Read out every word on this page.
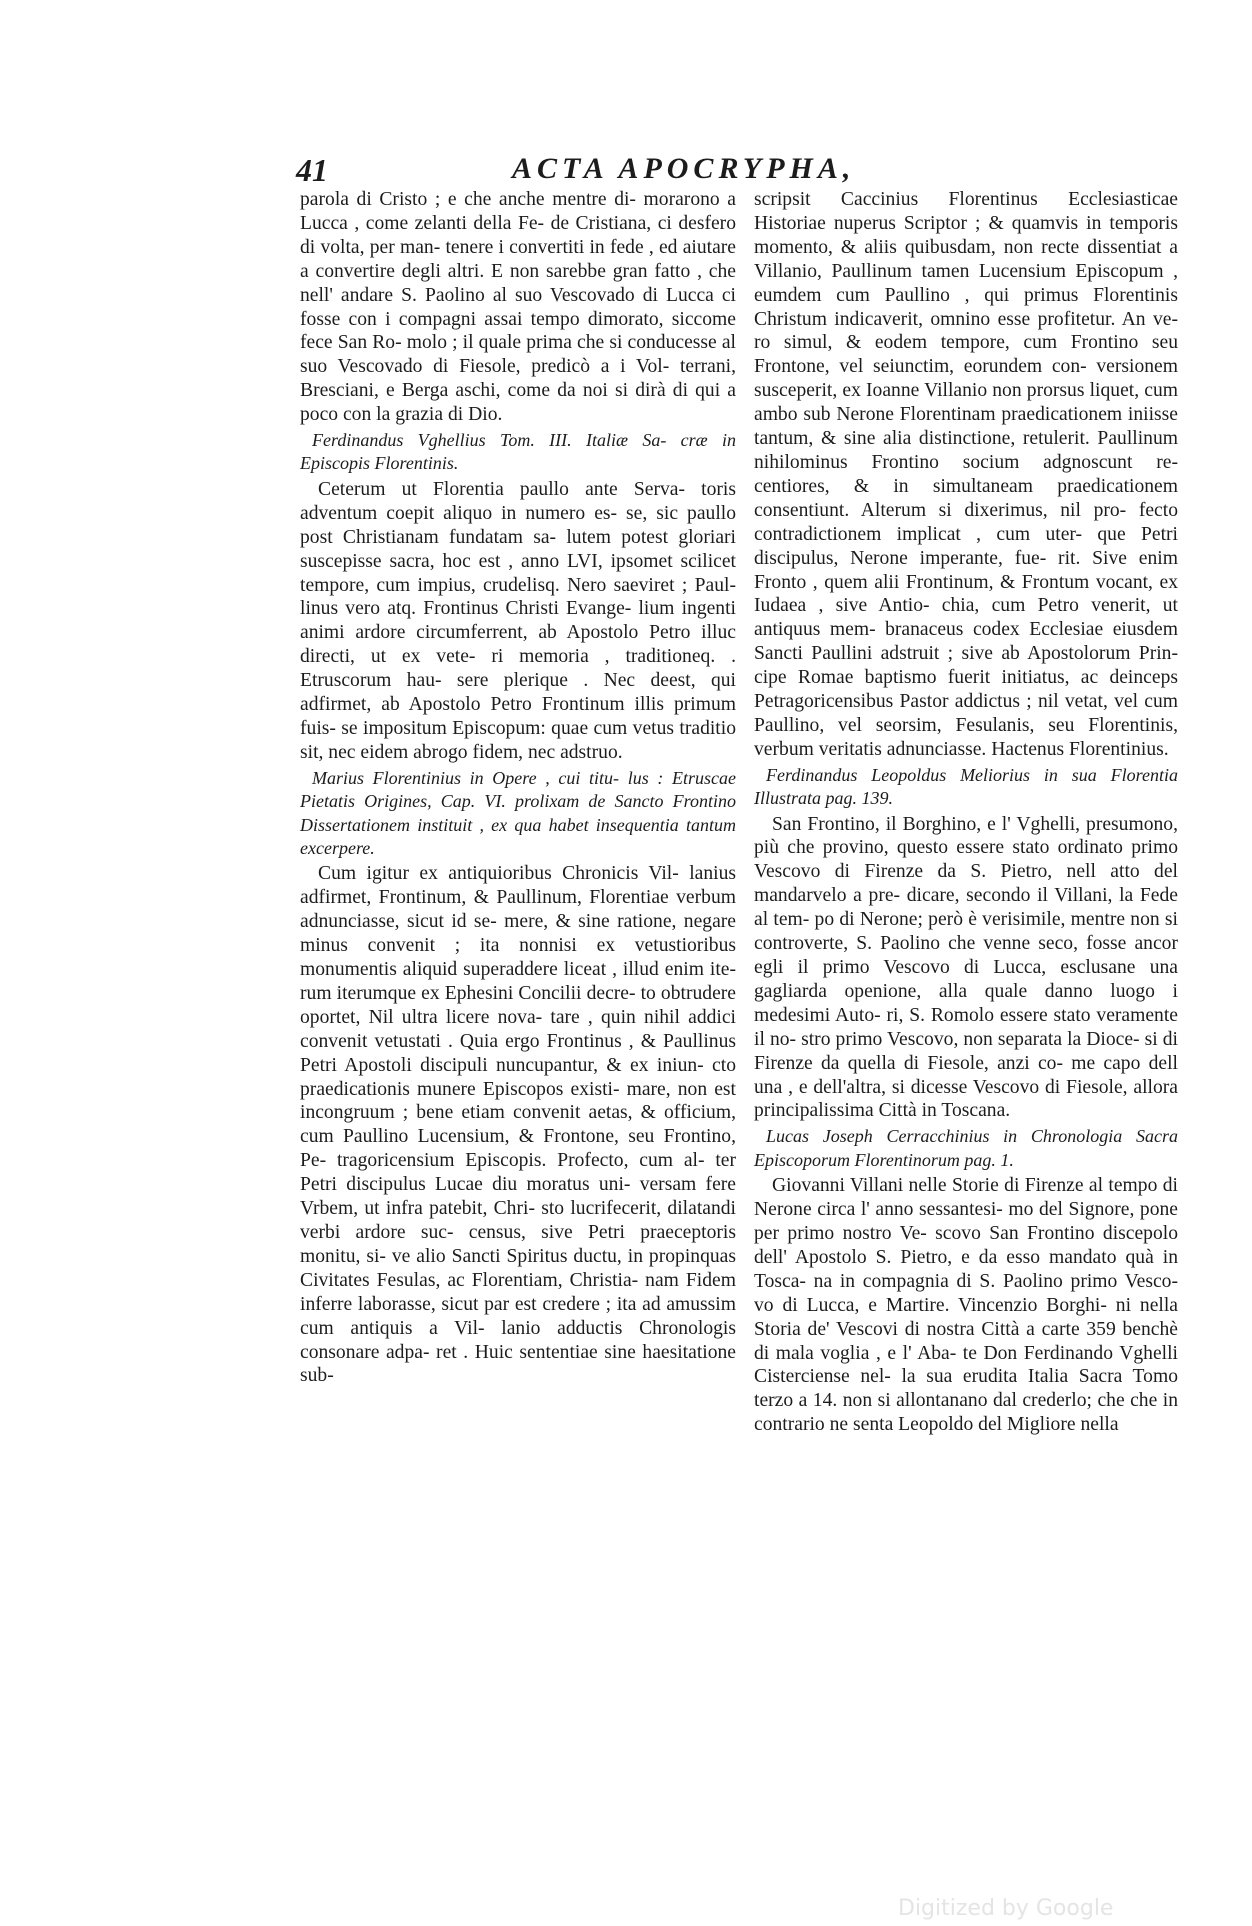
41	ACTA APOCRYPHA,

parola di Cristo ; e che anche mentre di- morarono a Lucca , come zelanti della Fe- de Cristiana, ci desfero di volta, per man- tenere i convertiti in fede , ed aiutare a convertire degli altri. E non sarebbe gran fatto , che nell' andare S. Paolino al suo Vescovado di Lucca ci fosse con i compagni assai tempo dimorato, siccome fece San Ro- molo ; il quale prima che si conducesse al suo Vescovado di Fiesole, predicò a i Vol- terrani, Bresciani, e Berga aschi, come da noi si dirà di qui a poco con la grazia di Dio.

Ferdinandus Vghellius Tom. III. Italiæ Sa- cræ in Episcopis Florentinis.

Ceterum ut Florentia paullo ante Serva- toris adventum coepit aliquo in numero es- se, sic paullo post Christianam fundatam sa- lutem potest gloriari suscepisse sacra, hoc est , anno LVI, ipsomet scilicet tempore, cum impius, crudelisq. Nero saeviret ; Paul- linus vero atq. Frontinus Christi Evange- lium ingenti animi ardore circumferrent, ab Apostolo Petro illuc directi, ut ex vete- ri memoria , traditioneq. . Etruscorum hau- sere plerique . Nec deest, qui adfirmet, ab Apostolo Petro Frontinum illis primum fuis- se impositum Episcopum: quae cum vetus traditio sit, nec eidem abrogo fidem, nec adstruo.

Marius Florentinius in Opere , cui titu- lus : Etruscae Pietatis Origines, Cap. VI. prolixam de Sancto Frontino Dissertationem instituit , ex qua habet insequentia tantum excerpere.

Cum igitur ex antiquioribus Chronicis Vil- lanius adfirmet, Frontinum, & Paullinum, Florentiae verbum adnunciasse, sicut id se- mere, & sine ratione, negare minus convenit ; ita nonnisi ex vetustioribus monumentis aliquid superaddere liceat , illud enim ite- rum iterumque ex Ephesini Concilii decre- to obtrudere oportet, Nil ultra licere nova- tare , quin nihil addici convenit vetustati . Quia ergo Frontinus , & Paullinus Petri Apostoli discipuli nuncupantur, & ex iniun- cto praedicationis munere Episcopos existi- mare, non est incongruum ; bene etiam convenit aetas, & officium, cum Paullino Lucensium, & Frontone, seu Frontino, Pe- tragoricensium Episcopis. Profecto, cum al- ter Petri discipulus Lucae diu moratus uni- versam fere Vrbem, ut infra patebit, Chri- sto lucrifecerit, dilatandi verbi ardore suc- census, sive Petri praeceptoris monitu, si- ve alio Sancti Spiritus ductu, in propinquas Civitates Fesulas, ac Florentiam, Christia- nam Fidem inferre laborasse, sicut par est credere ; ita ad amussim cum antiquis a Vil- lanio adductis Chronologis consonare adpa- ret . Huic sententiae sine haesitatione sub-

scripsit Caccinius Florentinus Ecclesiasticae Historiae nuperus Scriptor ; & quamvis in temporis momento, & aliis quibusdam, non recte dissentiat a Villanio, Paullinum tamen Lucensium Episcopum , eumdem cum Paullino , qui primus Florentinis Christum indicaverit, omnino esse profitetur. An ve- ro simul, & eodem tempore, cum Frontino seu Frontone, vel seiunctim, eorundem con- versionem susceperit, ex Ioanne Villanio non prorsus liquet, cum ambo sub Nerone Florentinam praedicationem iniisse tantum, & sine alia distinctione, retulerit. Paullinum nihilominus Frontino socium adgnoscunt re- centiores, & in simultaneam praedicationem consentiunt. Alterum si dixerimus, nil pro- fecto contradictionem implicat , cum uter- que Petri discipulus, Nerone imperante, fue- rit. Sive enim Fronto , quem alii Frontinum, & Frontum vocant, ex Iudaea , sive Antio- chia, cum Petro venerit, ut antiquus mem- branaceus codex Ecclesiae eiusdem Sancti Paullini adstruit ; sive ab Apostolorum Prin- cipe Romae baptismo fuerit initiatus, ac deinceps Petragoricensibus Pastor addictus ; nil vetat, vel cum Paullino, vel seorsim, Fesulanis, seu Florentinis, verbum veritatis adnunciasse. Hactenus Florentinius.

Ferdinandus Leopoldus Meliorius in sua Florentia Illustrata pag. 139.

San Frontino, il Borghino, e l' Vghelli, presumono, più che provino, questo essere stato ordinato primo Vescovo di Firenze da S. Pietro, nell atto del mandarvelo a pre- dicare, secondo il Villani, la Fede al tem- po di Nerone; però è verisimile, mentre non si controverte, S. Paolino che venne seco, fosse ancor egli il primo Vescovo di Lucca, esclusane una gagliarda openione, alla quale danno luogo i medesimi Auto- ri, S. Romolo essere stato veramente il no- stro primo Vescovo, non separata la Dioce- si di Firenze da quella di Fiesole, anzi co- me capo dell una , e dell'altra, si dicesse Vescovo di Fiesole, allora principalissima Città in Toscana.

Lucas Joseph Cerracchinius in Chronologia Sacra Episcoporum Florentinorum pag. 1.

Giovanni Villani nelle Storie di Firenze al tempo di Nerone circa l' anno sessantesi- mo del Signore, pone per primo nostro Ve- scovo San Frontino discepolo dell' Apostolo S. Pietro, e da esso mandato quà in Tosca- na in compagnia di S. Paolino primo Vesco- vo di Lucca, e Martire. Vincenzio Borghi- ni nella Storia de' Vescovi di nostra Città a carte 359 benchè di mala voglia , e l' Aba- te Don Ferdinando Vghelli Cisterciense nel- la sua erudita Italia Sacra Tomo terzo a 14. non si allontanano dal crederlo; che che in contrario ne senta Leopoldo del Migliore nella

Digitized by Google
